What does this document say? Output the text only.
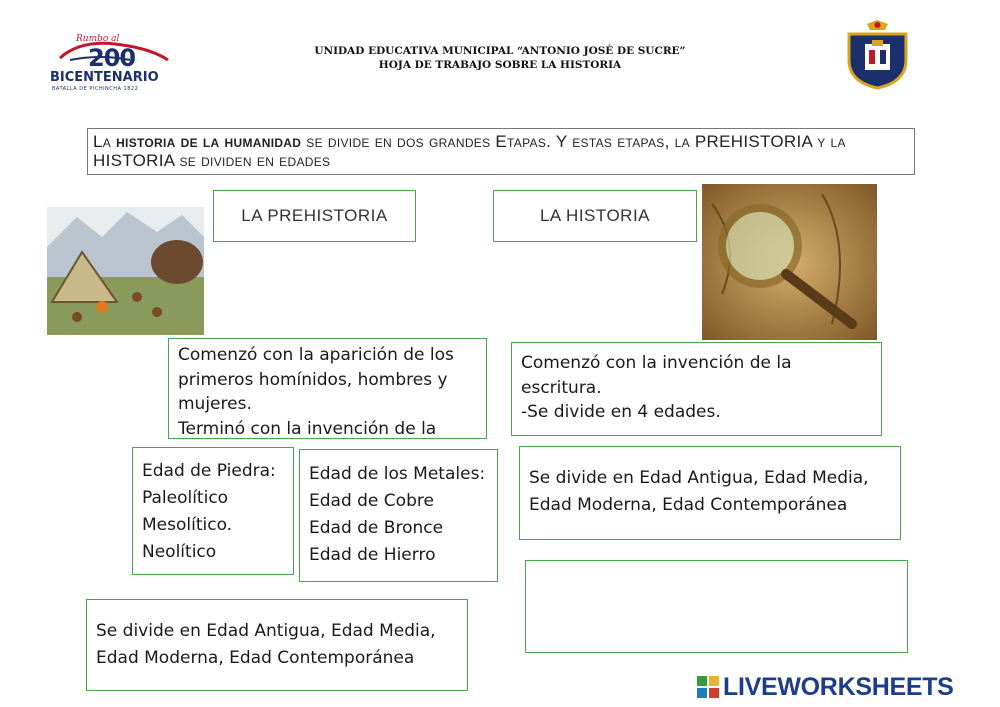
Rumbo al
200
BICENTENARIO
BATALLA DE PICHINCHA 1822
UNIDAD EDUCATIVA MUNICIPAL “ANTONIO JOSÉ DE SUCRE”
HOJA DE TRABAJO SOBRE LA HISTORIA
La historia de la humanidad se divide en dos grandes Etapas. Y estas etapas, la PREHISTORIA y la HISTORIA se dividen en edades
LA PREHISTORIA	LA HISTORIA
Comenzó con la aparición de los
primeros homínidos, hombres y
mujeres.
Terminó con la invención de la
Comenzó con la invención de la
escritura.
-Se divide en 4 edades.
Edad de Piedra:
Paleolítico
Mesolítico.
Neolítico
Edad de los Metales:
Edad de Cobre
Edad de Bronce
Edad de Hierro
Se divide en Edad Antigua, Edad Media,
Edad Moderna, Edad Contemporánea
Se divide en Edad Antigua, Edad Media,
Edad Moderna, Edad Contemporánea
LIVEWORKSHEETS
